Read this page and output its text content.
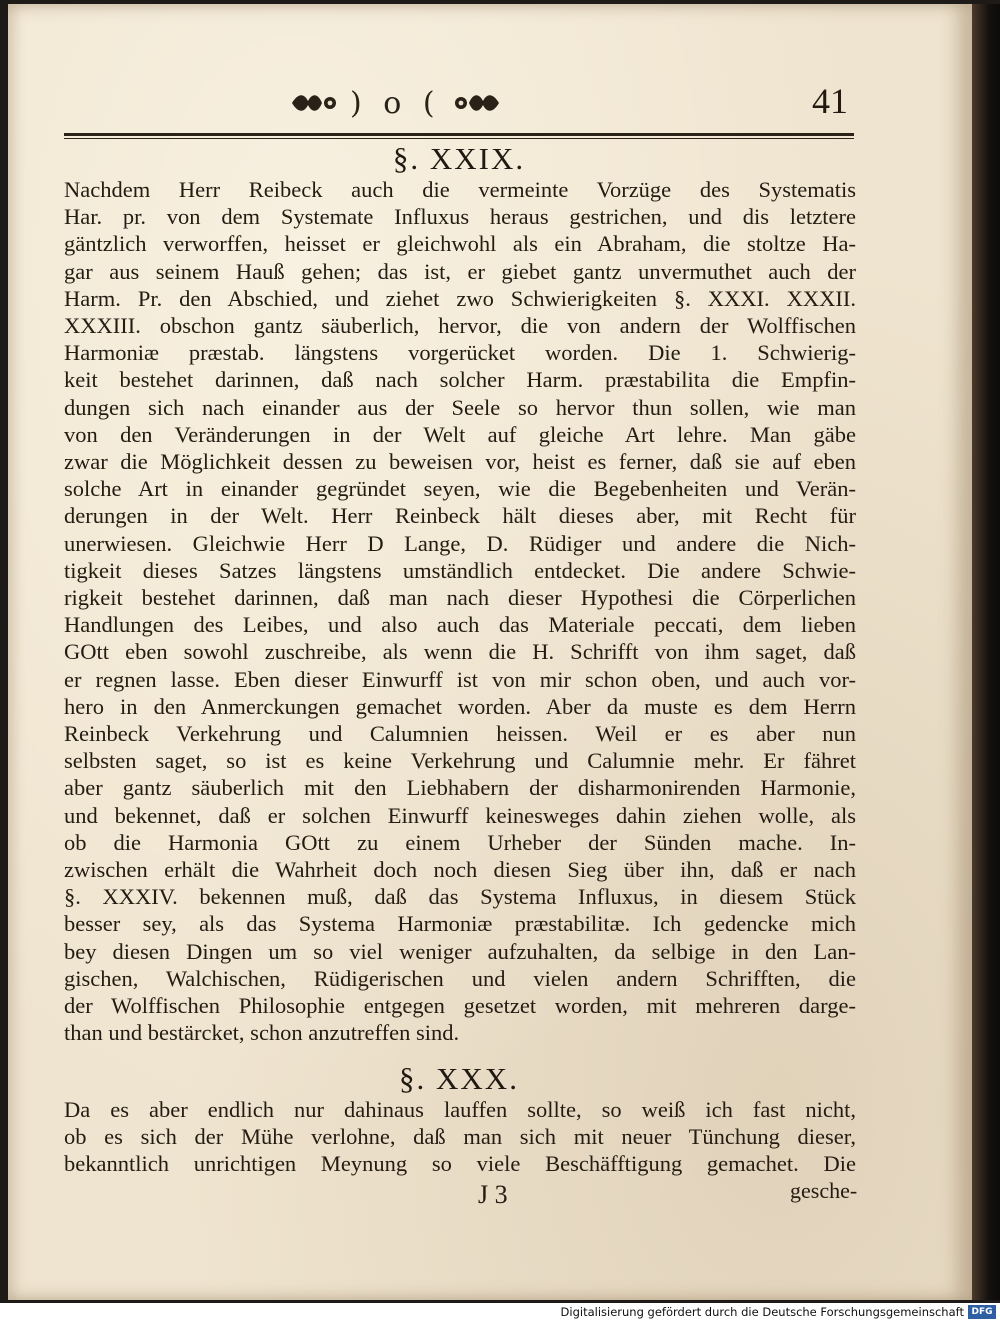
) o (	41
§. XXIX.
Nachdem Herr Reibeck auch die vermeinte Vorzüge des Systematis
Har. pr. von dem Systemate Influxus heraus gestrichen, und dis letztere
gäntzlich verworffen, heisset er gleichwohl als ein Abraham, die stoltze Ha-
gar aus seinem Hauß gehen; das ist, er giebet gantz unvermuthet auch der
Harm. Pr. den Abschied, und ziehet zwo Schwierigkeiten §. XXXI. XXXII.
XXXIII. obschon gantz säuberlich, hervor, die von andern der Wolffischen
Harmoniæ præstab. längstens vorgerücket worden. Die 1. Schwierig-
keit bestehet darinnen, daß nach solcher Harm. præstabilita die Empfin-
dungen sich nach einander aus der Seele so hervor thun sollen, wie man
von den Veränderungen in der Welt auf gleiche Art lehre. Man gäbe
zwar die Möglichkeit dessen zu beweisen vor, heist es ferner, daß sie auf eben
solche Art in einander gegründet seyen, wie die Begebenheiten und Verän-
derungen in der Welt. Herr Reinbeck hält dieses aber, mit Recht für
unerwiesen. Gleichwie Herr D Lange, D. Rüdiger und andere die Nich-
tigkeit dieses Satzes längstens umständlich entdecket. Die andere Schwie-
rigkeit bestehet darinnen, daß man nach dieser Hypothesi die Cörperlichen
Handlungen des Leibes, und also auch das Materiale peccati, dem lieben
GOtt eben sowohl zuschreibe, als wenn die H. Schrifft von ihm saget, daß
er regnen lasse. Eben dieser Einwurff ist von mir schon oben, und auch vor-
hero in den Anmerckungen gemachet worden. Aber da muste es dem Herrn
Reinbeck Verkehrung und Calumnien heissen. Weil er es aber nun
selbsten saget, so ist es keine Verkehrung und Calumnie mehr. Er fähret
aber gantz säuberlich mit den Liebhabern der disharmonirenden Harmonie,
und bekennet, daß er solchen Einwurff keinesweges dahin ziehen wolle, als
ob die Harmonia GOtt zu einem Urheber der Sünden mache. In-
zwischen erhält die Wahrheit doch noch diesen Sieg über ihn, daß er nach
§. XXXIV. bekennen muß, daß das Systema Influxus, in diesem Stück
besser sey, als das Systema Harmoniæ præstabilitæ. Ich gedencke mich
bey diesen Dingen um so viel weniger aufzuhalten, da selbige in den Lan-
gischen, Walchischen, Rüdigerischen und vielen andern Schrifften, die
der Wolffischen Philosophie entgegen gesetzet worden, mit mehreren darge-
than und bestärcket, schon anzutreffen sind.
§. XXX.
Da es aber endlich nur dahinaus lauffen sollte, so weiß ich fast nicht,
ob es sich der Mühe verlohne, daß man sich mit neuer Tünchung dieser,
bekanntlich unrichtigen Meynung so viele Beschäfftigung gemachet. Die
J 3	gesche-
Digitalisierung gefördert durch die Deutsche Forschungsgemeinschaft DFG
